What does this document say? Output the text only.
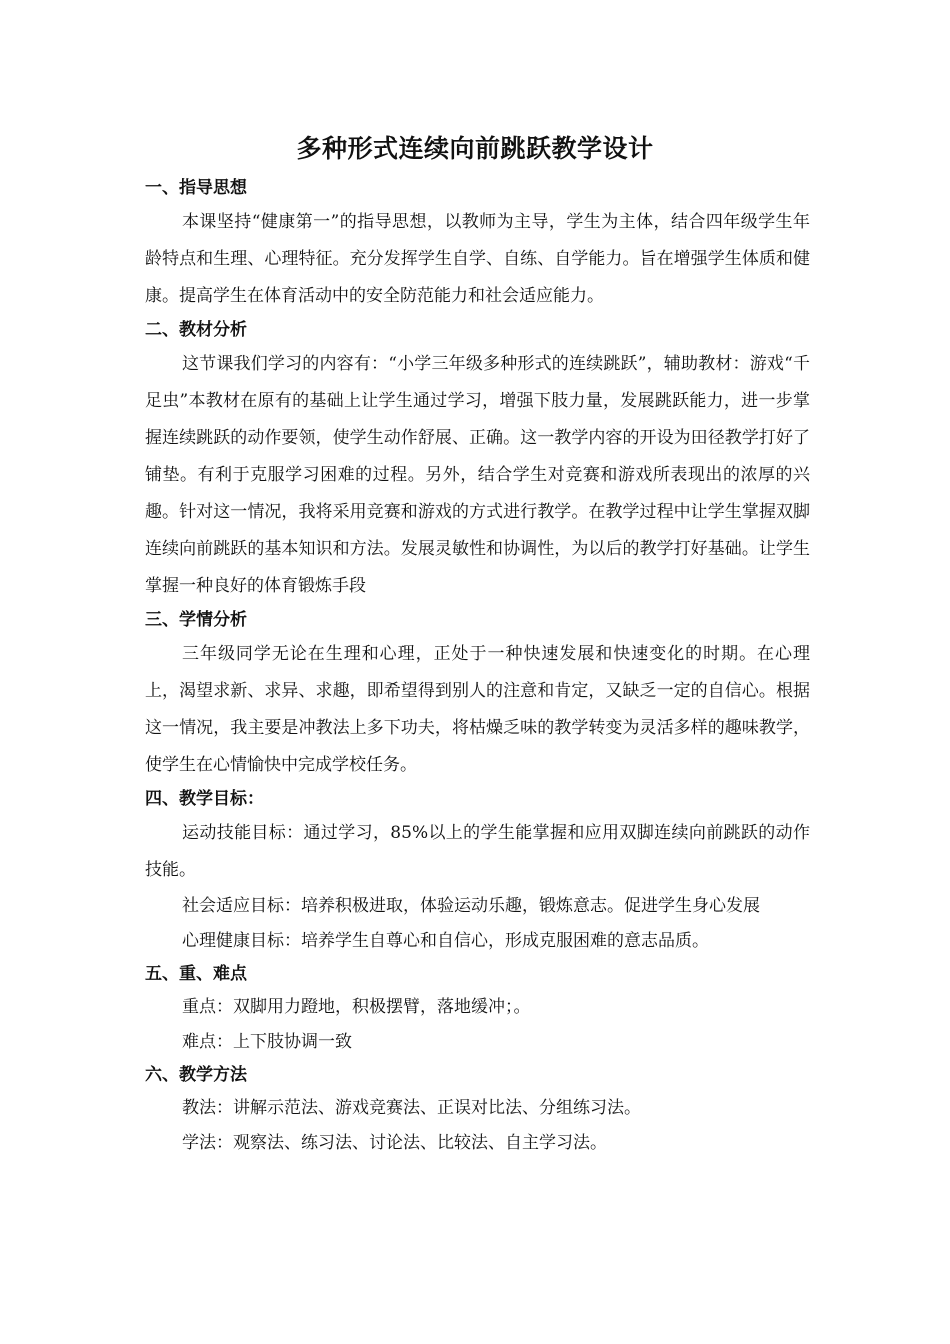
多种形式连续向前跳跃教学设计
一、指导思想

本课坚持“健康第一”的指导思想，以教师为主导，学生为主体，结合四年级学生年龄特点和生理、心理特征。充分发挥学生自学、自练、自学能力。旨在增强学生体质和健康。提高学生在体育活动中的安全防范能力和社会适应能力。

二、教材分析

这节课我们学习的内容有：“小学三年级多种形式的连续跳跃”，辅助教材：游戏“千足虫”本教材在原有的基础上让学生通过学习，增强下肢力量，发展跳跃能力，进一步掌握连续跳跃的动作要领，使学生动作舒展、正确。这一教学内容的开设为田径教学打好了铺垫。有利于克服学习困难的过程。另外，结合学生对竞赛和游戏所表现出的浓厚的兴趣。针对这一情况，我将采用竞赛和游戏的方式进行教学。在教学过程中让学生掌握双脚连续向前跳跃的基本知识和方法。发展灵敏性和协调性，为以后的教学打好基础。让学生掌握一种良好的体育锻炼手段

三、学情分析

三年级同学无论在生理和心理，正处于一种快速发展和快速变化的时期。在心理上，渴望求新、求异、求趣，即希望得到别人的注意和肯定，又缺乏一定的自信心。根据这一情况，我主要是冲教法上多下功夫，将枯燥乏味的教学转变为灵活多样的趣味教学，使学生在心情愉快中完成学校任务。

四、教学目标：

运动技能目标：通过学习，85%以上的学生能掌握和应用双脚连续向前跳跃的动作技能。

社会适应目标：培养积极进取，体验运动乐趣，锻炼意志。促进学生身心发展

心理健康目标：培养学生自尊心和自信心，形成克服困难的意志品质。

五、重、难点

重点：双脚用力蹬地，积极摆臂，落地缓冲；。

难点：上下肢协调一致

六、教学方法

教法：讲解示范法、游戏竞赛法、正误对比法、分组练习法。

学法：观察法、练习法、讨论法、比较法、自主学习法。
